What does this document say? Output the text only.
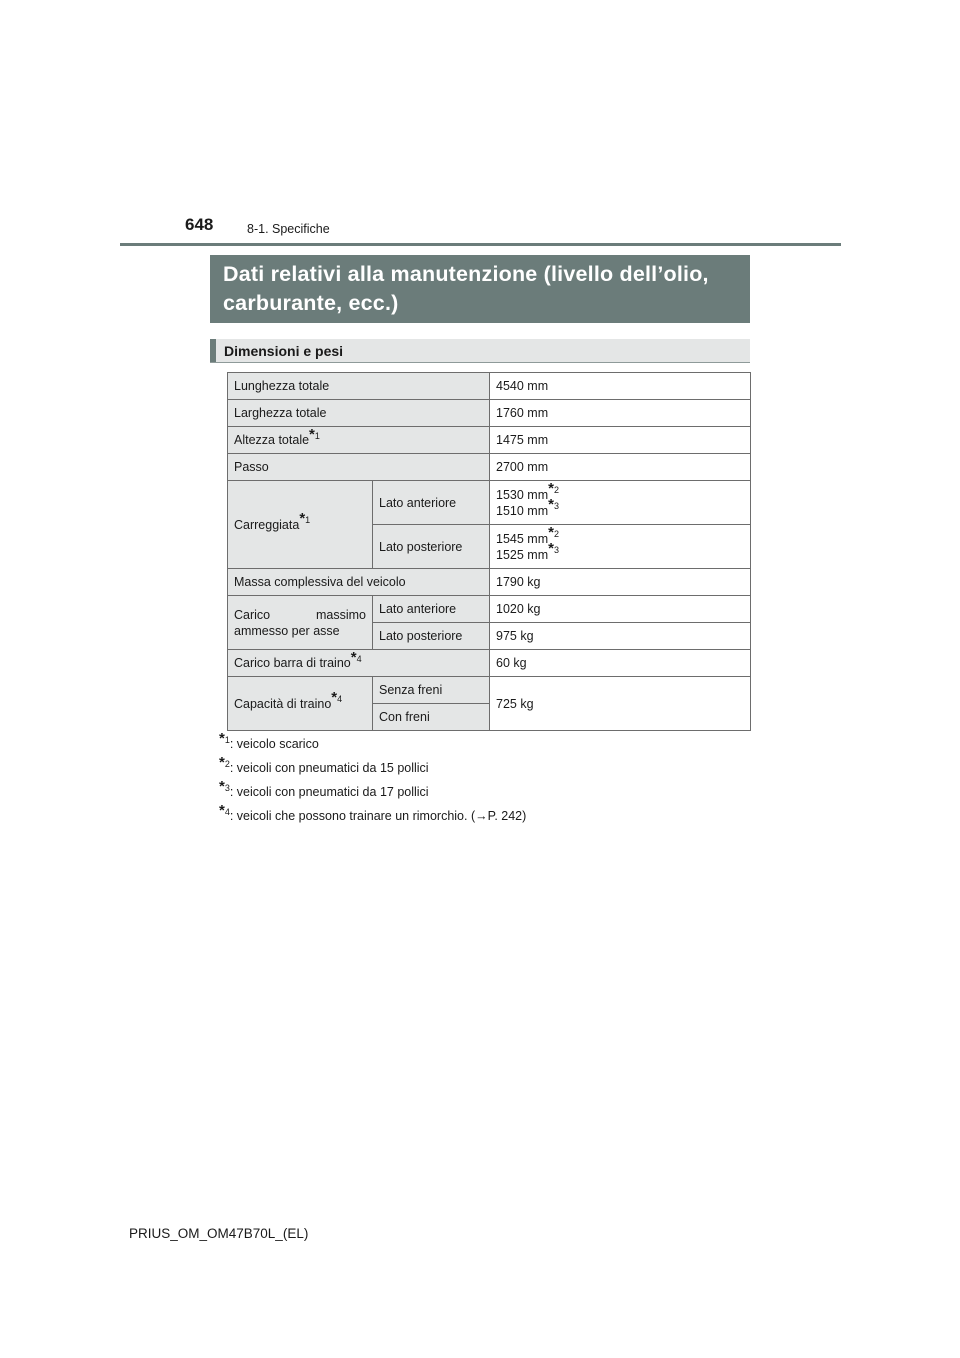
648	8-1. Specifiche
Dati relativi alla manutenzione (livello dell’olio,
carburante, ecc.)
Dimensioni e pesi
Lunghezza totale		4540 mm
Larghezza totale		1760 mm
Altezza totale$^{*1}$		1475 mm
Passo		2700 mm
Carreggiata$^{*1}$	Lato anteriore	1530 $mm^{*2}$
1510 $mm^{*3}$
	Lato posteriore	1545 $mm^{*2}$
1525 $mm^{*3}$
Massa complessiva del veicolo		1790 kg

Carico massimo
ammesso per asse	Lato anteriore	1020 kg
	Lato posteriore	975 kg
Carico barra di traino$^{*4}$		60 kg
Capacità di traino$^{*4}$	Senza freni	725 kg
	Con freni	
$^{*1}$: veicolo scarico
$^{*2}$: veicoli con pneumatici da 15 pollici
$^{*3}$: veicoli con pneumatici da 17 pollici
$^{*4}$: veicoli che possono trainare un rimorchio. (→P. 242)
PRIUS_OM_OM47B70L_(EL)
